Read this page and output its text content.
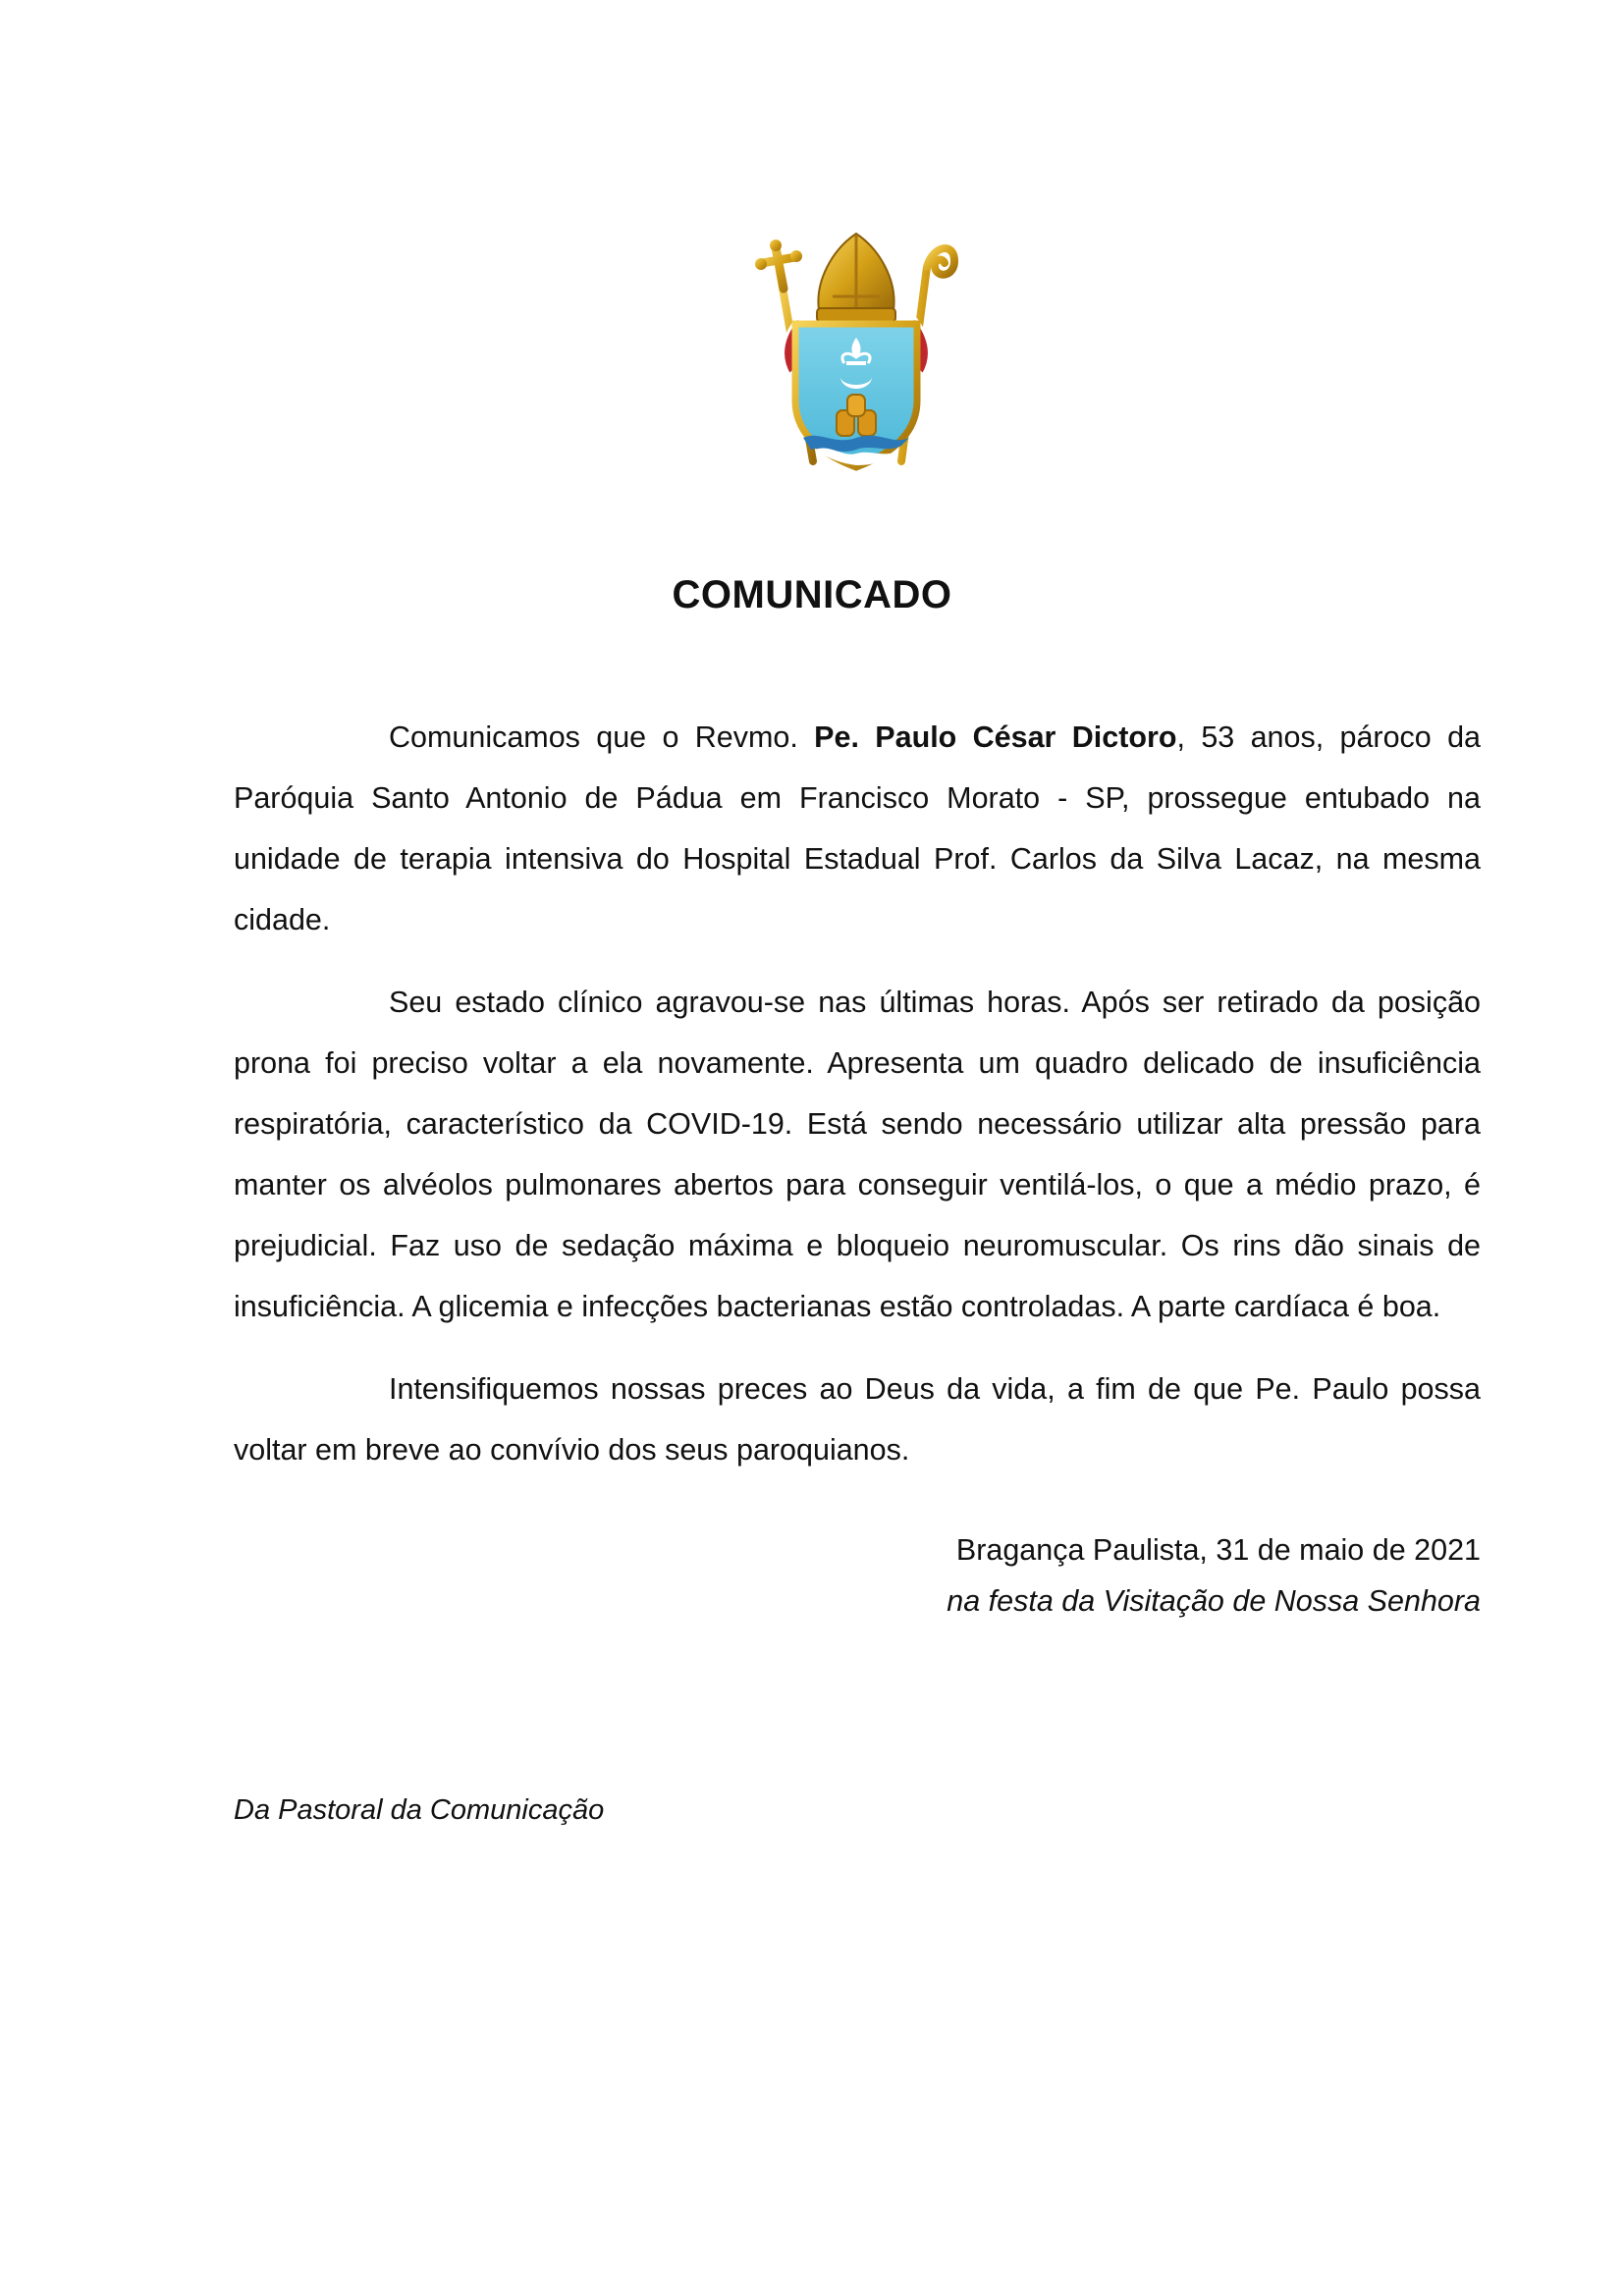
COMUNICADO

Comunicamos que o Revmo. Pe. Paulo César Dictoro, 53 anos, pároco da Paróquia Santo Antonio de Pádua em Francisco Morato - SP, prossegue entubado na unidade de terapia intensiva do Hospital Estadual Prof. Carlos da Silva Lacaz, na mesma cidade.

Seu estado clínico agravou-se nas últimas horas. Após ser retirado da posição prona foi preciso voltar a ela novamente. Apresenta um quadro delicado de insuficiência respiratória, característico da COVID-19. Está sendo necessário utilizar alta pressão para manter os alvéolos pulmonares abertos para conseguir ventilá-los, o que a médio prazo, é prejudicial. Faz uso de sedação máxima e bloqueio neuromuscular. Os rins dão sinais de insuficiência. A glicemia e infecções bacterianas estão controladas. A parte cardíaca é boa.

Intensifiquemos nossas preces ao Deus da vida, a fim de que Pe. Paulo possa voltar em breve ao convívio dos seus paroquianos.

Bragança Paulista, 31 de maio de 2021
na festa da Visitação de Nossa Senhora
Da Pastoral da Comunicação
